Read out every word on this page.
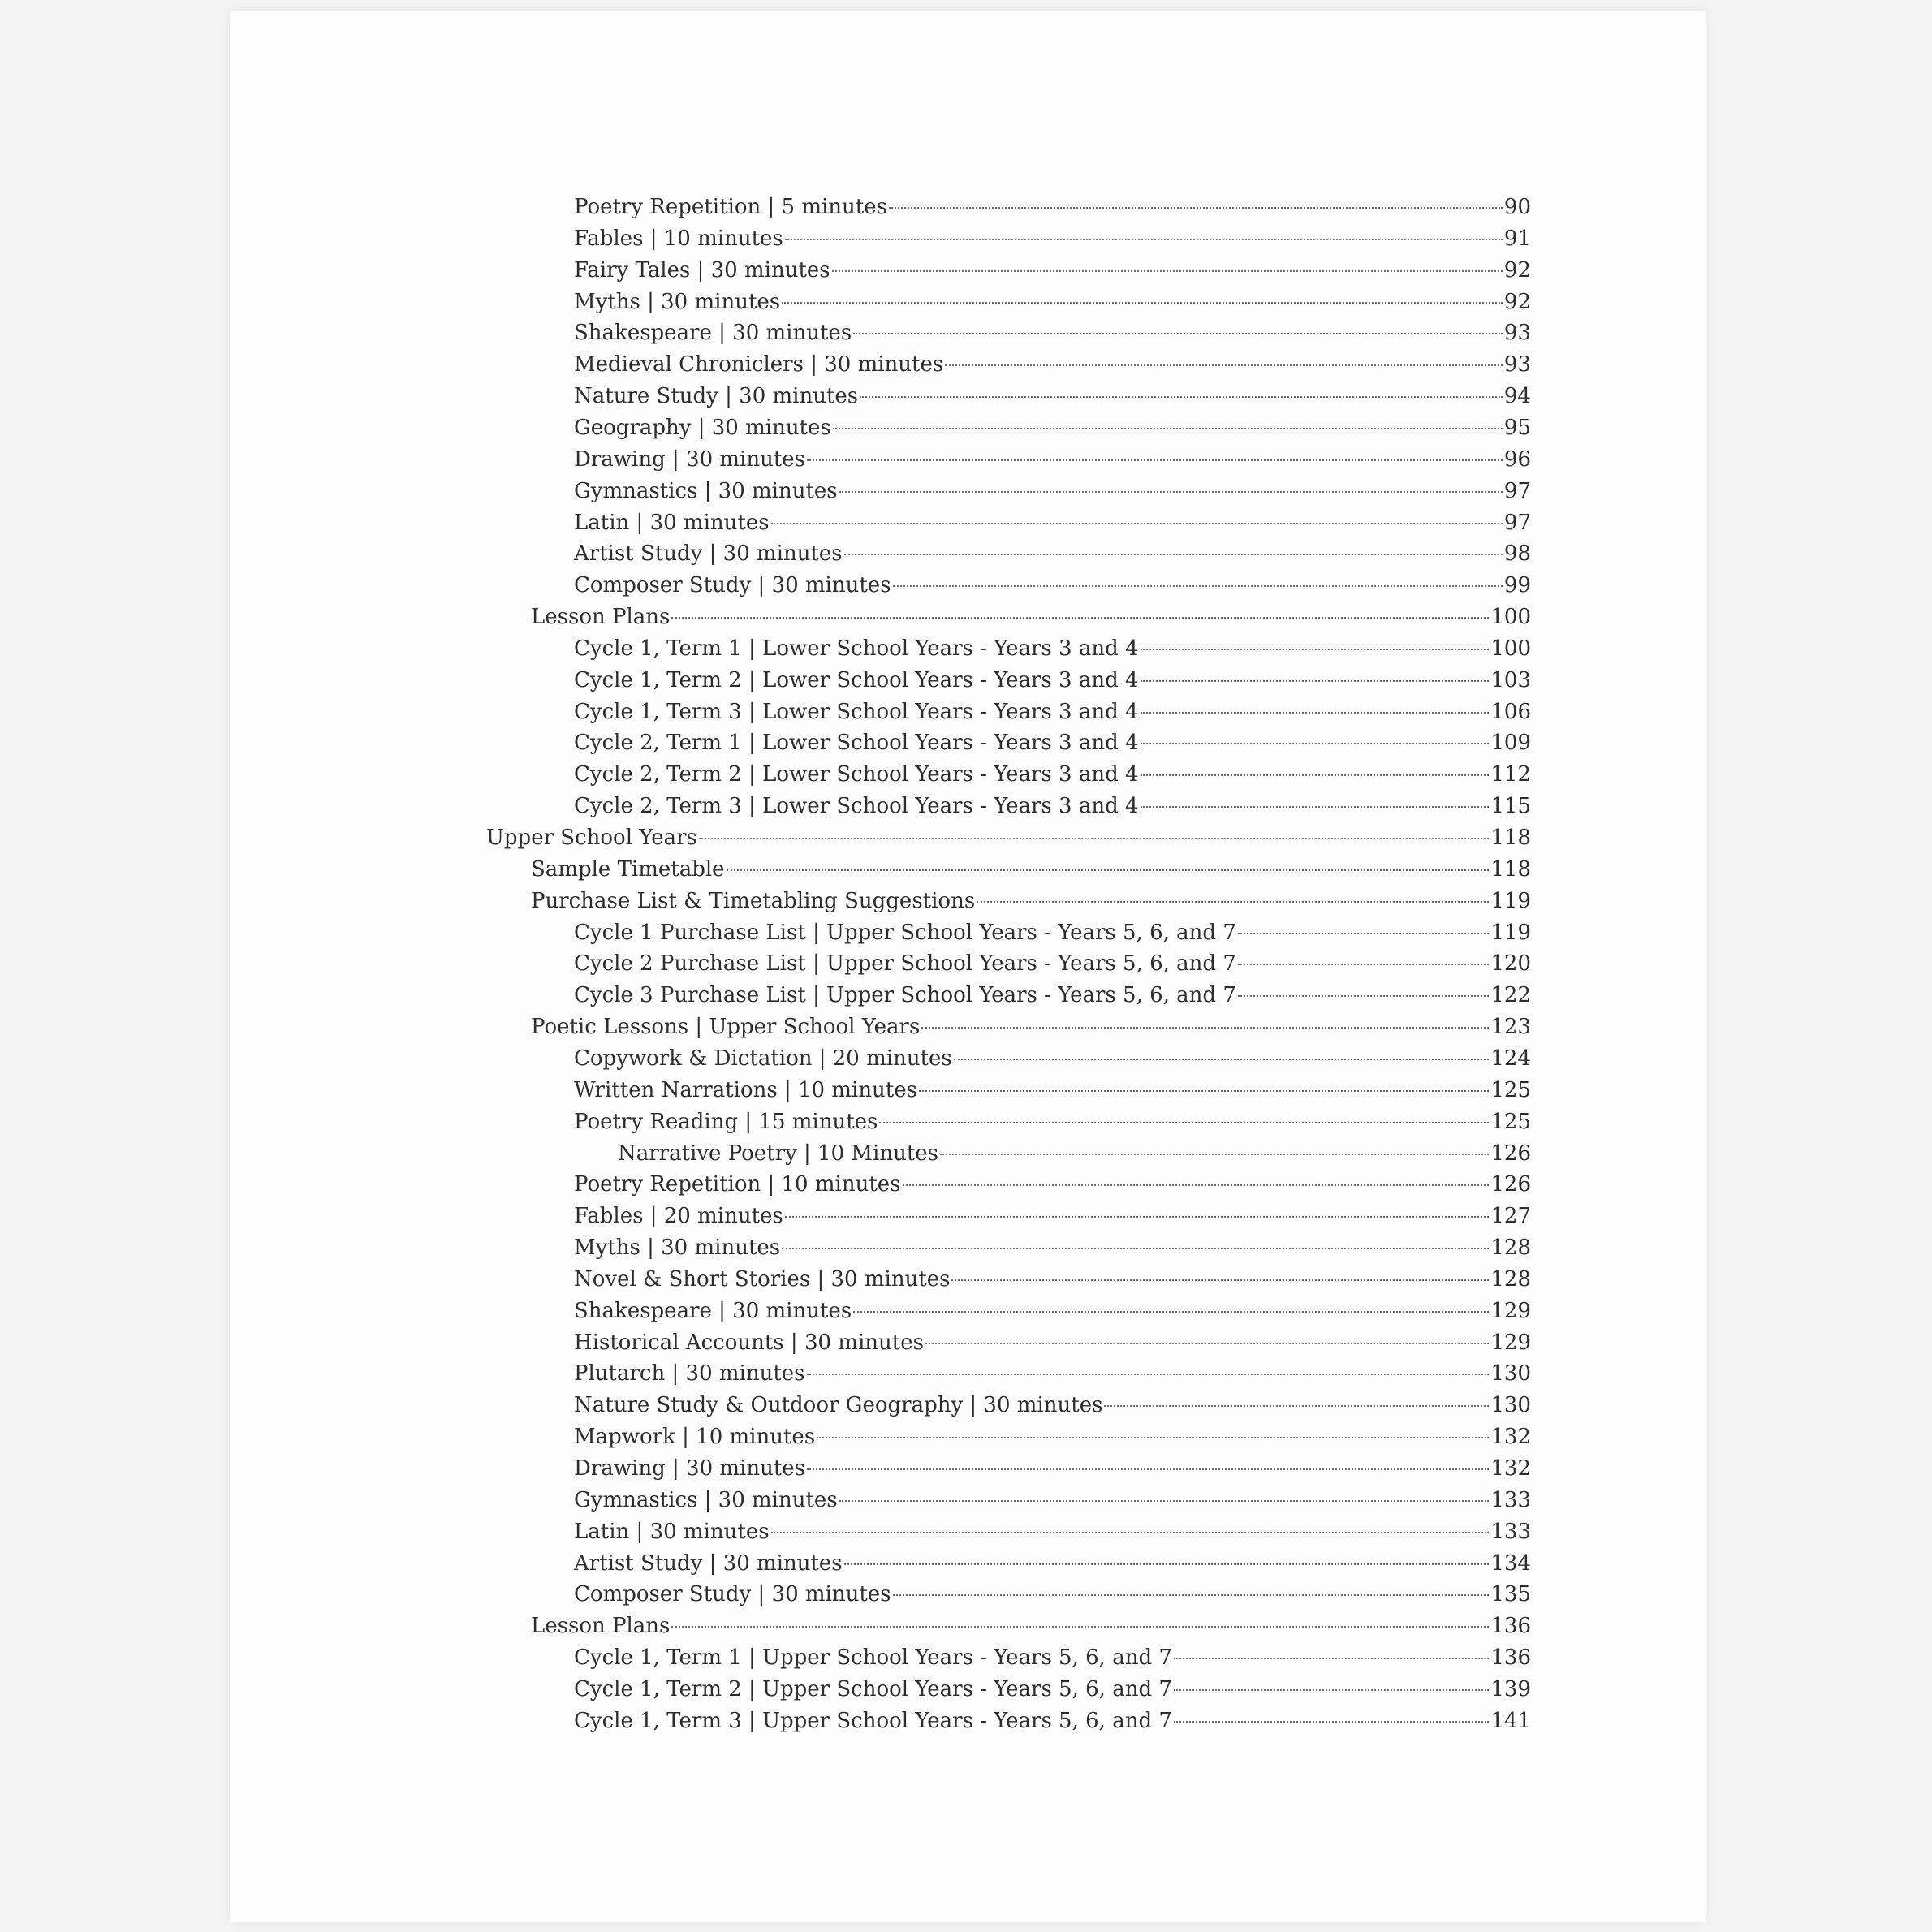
Poetry Repetition | 5 minutes	90
Fables | 10 minutes	91
Fairy Tales | 30 minutes	92
Myths | 30 minutes	92
Shakespeare | 30 minutes	93
Medieval Chroniclers | 30 minutes	93
Nature Study | 30 minutes	94
Geography | 30 minutes	95
Drawing | 30 minutes	96
Gymnastics | 30 minutes	97
Latin | 30 minutes	97
Artist Study | 30 minutes	98
Composer Study | 30 minutes	99
Lesson Plans	100
Cycle 1, Term 1 | Lower School Years - Years 3 and 4	100
Cycle 1, Term 2 | Lower School Years - Years 3 and 4	103
Cycle 1, Term 3 | Lower School Years - Years 3 and 4	106
Cycle 2, Term 1 | Lower School Years - Years 3 and 4	109
Cycle 2, Term 2 | Lower School Years - Years 3 and 4	112
Cycle 2, Term 3 | Lower School Years - Years 3 and 4	115
Upper School Years	118
Sample Timetable	118
Purchase List & Timetabling Suggestions	119
Cycle 1 Purchase List | Upper School Years - Years 5, 6, and 7	119
Cycle 2 Purchase List | Upper School Years - Years 5, 6, and 7	120
Cycle 3 Purchase List | Upper School Years - Years 5, 6, and 7	122
Poetic Lessons | Upper School Years	123
Copywork & Dictation | 20 minutes	124
Written Narrations | 10 minutes	125
Poetry Reading | 15 minutes	125
Narrative Poetry | 10 Minutes	126
Poetry Repetition | 10 minutes	126
Fables | 20 minutes	127
Myths | 30 minutes	128
Novel & Short Stories | 30 minutes	128
Shakespeare | 30 minutes	129
Historical Accounts | 30 minutes	129
Plutarch | 30 minutes	130
Nature Study & Outdoor Geography | 30 minutes	130
Mapwork | 10 minutes	132
Drawing | 30 minutes	132
Gymnastics | 30 minutes	133
Latin | 30 minutes	133
Artist Study | 30 minutes	134
Composer Study | 30 minutes	135
Lesson Plans	136
Cycle 1, Term 1 | Upper School Years - Years 5, 6, and 7	136
Cycle 1, Term 2 | Upper School Years - Years 5, 6, and 7	139
Cycle 1, Term 3 | Upper School Years - Years 5, 6, and 7	141
